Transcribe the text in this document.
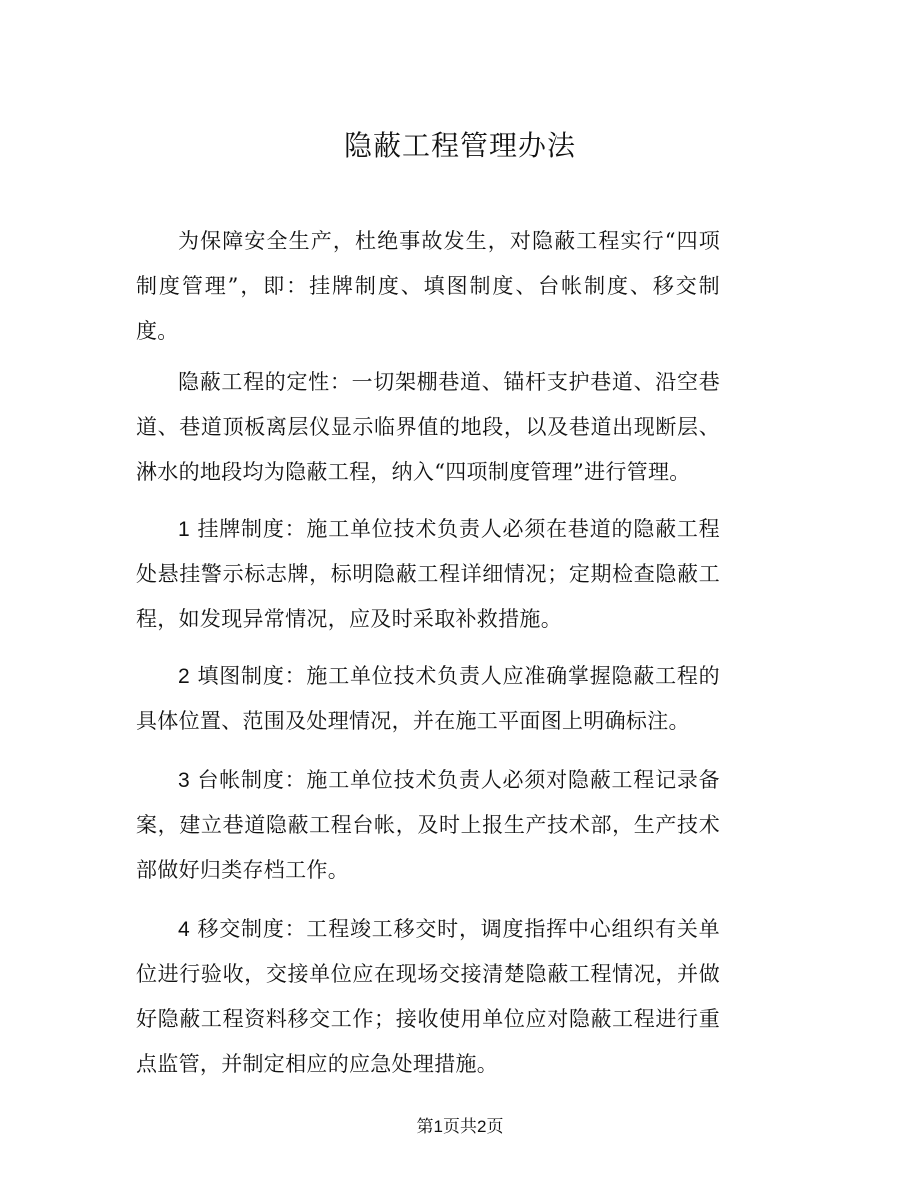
隐蔽工程管理办法

为保障安全生产，杜绝事故发生，对隐蔽工程实行“四项制度管理”，即：挂牌制度、填图制度、台帐制度、移交制度。

隐蔽工程的定性：一切架棚巷道、锚杆支护巷道、沿空巷道、巷道顶板离层仪显示临界值的地段，以及巷道出现断层、淋水的地段均为隐蔽工程，纳入“四项制度管理”进行管理。

1 挂牌制度：施工单位技术负责人必须在巷道的隐蔽工程处悬挂警示标志牌，标明隐蔽工程详细情况；定期检查隐蔽工程，如发现异常情况，应及时采取补救措施。

2 填图制度：施工单位技术负责人应准确掌握隐蔽工程的具体位置、范围及处理情况，并在施工平面图上明确标注。

3 台帐制度：施工单位技术负责人必须对隐蔽工程记录备案，建立巷道隐蔽工程台帐，及时上报生产技术部，生产技术部做好归类存档工作。

4 移交制度：工程竣工移交时，调度指挥中心组织有关单位进行验收，交接单位应在现场交接清楚隐蔽工程情况，并做好隐蔽工程资料移交工作；接收使用单位应对隐蔽工程进行重点监管，并制定相应的应急处理措施。

第1页共2页
